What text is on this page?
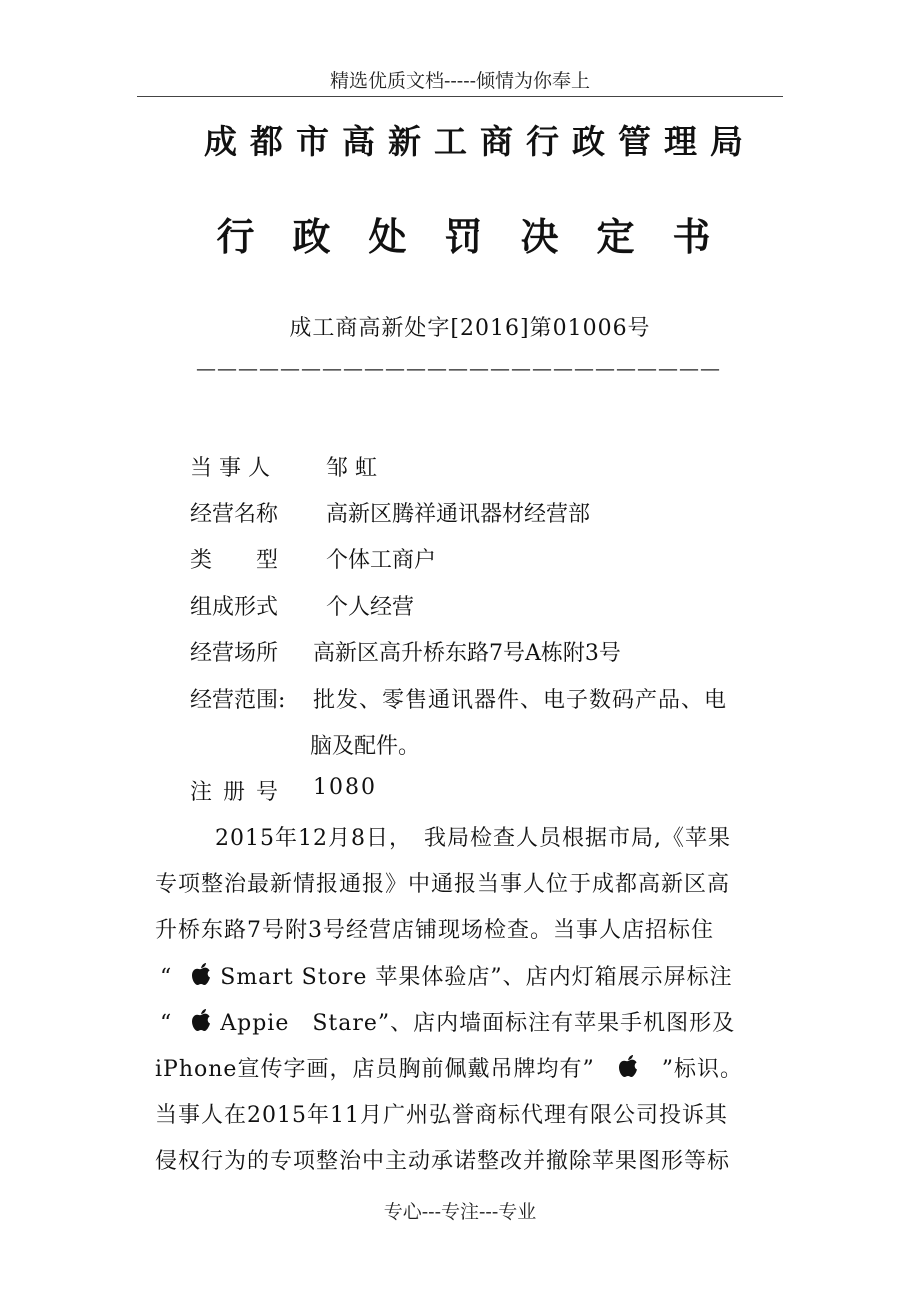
精选优质文档-----倾情为你奉上
成都市高新工商行政管理局
行政处罚决定书
成工商高新处字[2016]第01006号
—————————————————————————
当 事 人	邹 虹
经营名称 高新区腾祥通讯器材经营部
类　　型 个体工商户
组成形式 个人经营
经营场所 高新区高升桥东路7号A栋附3号
经营范围: 批发、零售通讯器件、电子数码产品、电
脑及配件。
注 册 号 1080
2015年12月8日，　我局检查人员根据市局,《苹果
专项整治最新情报通报》中通报当事人位于成都高新区高
升桥东路7号附3号经营店铺现场检查。当事人店招标住
“ Smart Store 苹果体验店”、店内灯箱展示屏标注
“ Appie　Stare”、店内墙面标注有苹果手机图形及
iPhone宣传字画，店员胸前佩戴吊牌均有”　”标识。
当事人在2015年11月广州弘誉商标代理有限公司投诉其
侵权行为的专项整治中主动承诺整改并撤除苹果图形等标
专心---专注---专业
